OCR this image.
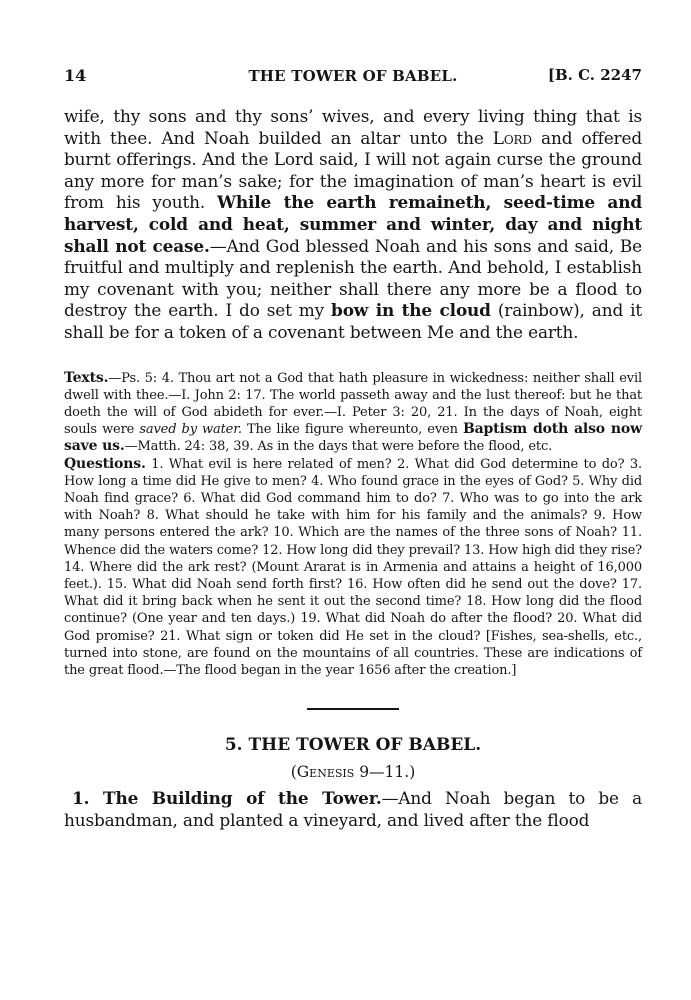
14	THE TOWER OF BABEL.	[B. C. 2247
wife, thy sons and thy sons’ wives, and every living thing that is with thee. And Noah builded an altar unto the Lord and offered burnt offerings. And the Lord said, I will not again curse the ground any more for man’s sake; for the imagination of man’s heart is evil from his youth. While the earth remaineth, seed-time and harvest, cold and heat, summer and winter, day and night shall not cease.—And God blessed Noah and his sons and said, Be fruitful and multiply and replenish the earth. And behold, I establish my covenant with you; neither shall there any more be a flood to destroy the earth. I do set my bow in the cloud (rainbow), and it shall be for a token of a covenant between Me and the earth.

Texts.—Ps. 5: 4. Thou art not a God that hath pleasure in wickedness: neither shall evil dwell with thee.—I. John 2: 17. The world passeth away and the lust thereof: but he that doeth the will of God abideth for ever.—I. Peter 3: 20, 21. In the days of Noah, eight souls were saved by water. The like figure whereunto, even Baptism doth also now save us.—Matth. 24: 38, 39. As in the days that were before the flood, etc.

Questions. 1. What evil is here related of men? 2. What did God determine to do? 3. How long a time did He give to men? 4. Who found grace in the eyes of God? 5. Why did Noah find grace? 6. What did God command him to do? 7. Who was to go into the ark with Noah? 8. What should he take with him for his family and the animals? 9. How many persons entered the ark? 10. Which are the names of the three sons of Noah? 11. Whence did the waters come? 12. How long did they prevail? 13. How high did they rise? 14. Where did the ark rest? (Mount Ararat is in Armenia and attains a height of 16,000 feet.). 15. What did Noah send forth first? 16. How often did he send out the dove? 17. What did it bring back when he sent it out the second time? 18. How long did the flood continue? (One year and ten days.) 19. What did Noah do after the flood? 20. What did God promise? 21. What sign or token did He set in the cloud? [Fishes, sea-shells, etc., turned into stone, are found on the mountains of all countries. These are indications of the great flood.—The flood began in the year 1656 after the creation.]

5. THE TOWER OF BABEL.
(Genesis 9—11.)

1. The Building of the Tower.—And Noah began to be a husbandman, and planted a vineyard, and lived after the flood
